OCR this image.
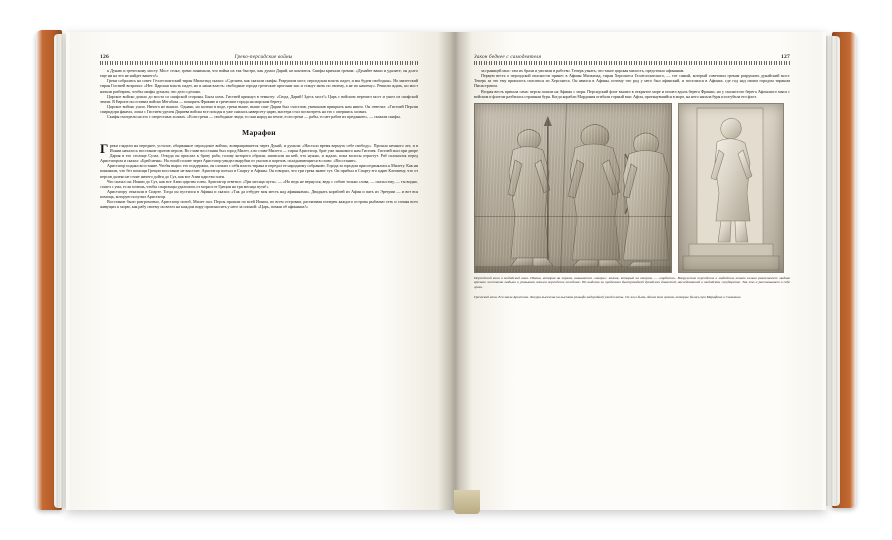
126	Греко-персидские войны

к Дунаю и греческому мосту. Мост стоял; греки понимали, что война их так быстро, как думал Дарий, не кончится. Скифы кричали грекам: «Дунайте ваши и удалите, он долго еще ни на что не найдет вашего!»

Греки собрались на совет. Геллеспонтский тиран Мильтиад сказал: «Сделаем, как сказали скифы. Разрушим мост, персидская власть падет, и мы будем свободны». Но милетский тиран Гистией возразил: «Нет. Царская власть падет, но и наша власть: свободные города греческие прогонят нас и станут жить по своему, а не по нашему». Решили ждать, но мост начали разбирать, чтобы скифы думали, что дело сделано.

Царское войско дошло до моста со скифской стороны. Была ночь. Гистией крикнул в темноту: «Сюда, Дарий! Здесь мост!» Царь с войском перешел мост и ушел из скифской земли. В Европе он оставил войско Мегабаза — покорять Фракию и греческие города на морском берегу.

Царское войско ушло. Ничего не вышло. Однако, но колено в воде, греки выше, выше спят Дарии был счастлив, уменьшив прикрыть нам никто. Он ответил: «Гистией Персии спиридори фанеал, лоша с Гистием уделен Дариева войска все походы и уже снилась наверсету царю, мастера стал посмотреть на это с опершись холмах.

Скифы смотрели на это с озерестных холмах. «Если греки — свободные люди, то они народ на земле, если греки — рабы, то нет рабов их преданнее», — сказали скифы.

Марафон

Греки глядели на переднее, усталое, оборванное персидское войско, возвращавшееся через Дунай, и думали: «Настало время вернуть себе свободу». Прошло немного лет, и в Ионии началось восстание против персов. Во главе восстания был город Милет, а во главе Милета — тиран Аристагор, брат уже знакомого нам Гистиея. Гистией жил при дворе Дария в его столице Сузах. Откуда он прислал к брату раба, голову которого обрили, написали на ней, что нужно, и ждали, пока волосы отрастут. Раб склонился перед Аристагором и сказал: «Брей меня». На голой голове через Аристагор увидел вырубки от уколов и порезов, складывающиеся в слово: «Восстание».

Аристагор поднял восстание. Чтобы вырос его поддержка, он сложил с себя власть тирана и передал ее народному собранию. Города за городом присоединялись к Милету. Как ни понимали, что без помощи Греции восстание не выстоит. Аристагор поехал в Спарту и Афины. Он говорил, что три грека знают тут. Он прибыл в Спарту его царю Клеомену, что от персов далеко не стоит ничего дойти до Суз, как все Азии царство плен.

Что сказал он: Ионии до Суз, как все Азии царство плен. Аристагор ответил: «Три месяца пути». — «Но ведь не вернулся, ведь с собою только слова, — сказал ему, — ты видно, сошел с ума, если хочешь, чтобы спартанцы удалились от моря и от Греции на три месяца пути!»

Аристагору отказали в Спарте. Тогда он пустился в Афины и сказал: «Так да отбудет моя месть над афинянами». Двадцать кораблей из Афин и пять из Эретрии — и вот вся помощь, которую получил Аристагор.

Восстание было разгромлено, Аристагор погиб, Милет пал. Персы прошли по всей Ионии, по всем островам, растягивая поперек каждого острова рыбачью сеть и сгоняя всех живущих к морю, как рабу своему он велел на каждом пиру произносить у него за спиной: «Царь, помни об афинянах!»

Закон беднее с самодеятеля	127

за границей мыс: там их брали и увозили в рабство. Теперь узнать, что такое царская милость, предстояло афинянам.

Первую весть о персидской опасности принес в Афины Мильтиад, тиран Херсонеса Геллеспонтского, — тот самый, который советовал грекам разрушить дунайский мост. Теперь за это ему пришлось спасаться из Херсонеса. Он явился в Афины, потому что род у него был афинский, и поселился в Афинах, где год над своим городом тираном Писистратом.

Вторая весть пришла сама: персы пошли на Афины с моря. Персидский флот вышел в открытое море и пошел вдоль берега Фракии, но у скалистого берега Афонского мыса с войском и флотом разбилась страшная буря. Когда корабли Мардония огибали горный мыс Афон, протянувшийся в море, на него напала буря и погубила его флот.

Персидский воин и мидийский воин. Шапка, которая на первом, называется «тиара»: колпак, который на втором, — «кирбасия». Вооружение персидских и мидийских воинов сильно различается: мидяне кричали жесткими людьми и указывали копьем персидские погибшие. Но выделка за пределами быстроходной дунайских династий, наследовавшей в мидийском государстве. Так это и рассказывает о себе греки.

Греческий воин. Его звали Аристион. Фигура высечена на высоком рельефе надгробной узкой плиты. Он жил быть одним тем греком, которые бились при Марафоне и Саламине.
